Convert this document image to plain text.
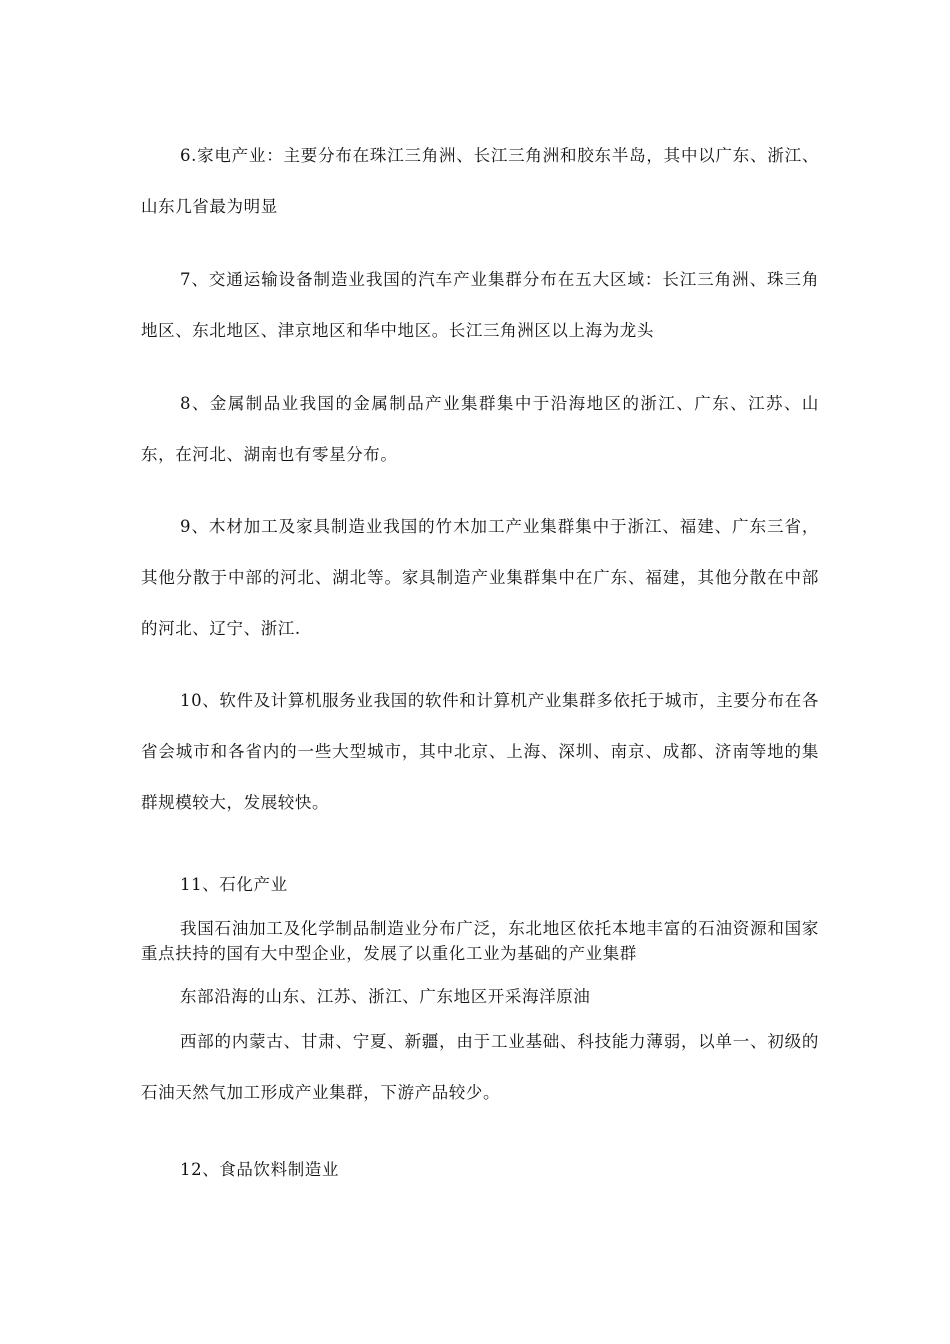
6.家电产业：主要分布在珠江三角洲、长江三角洲和胶东半岛，其中以广东、浙江、山东几省最为明显

7、交通运输设备制造业我国的汽车产业集群分布在五大区域：长江三角洲、珠三角地区、东北地区、津京地区和华中地区。长江三角洲区以上海为龙头

8、金属制品业我国的金属制品产业集群集中于沿海地区的浙江、广东、江苏、山东，在河北、湖南也有零星分布。

9、木材加工及家具制造业我国的竹木加工产业集群集中于浙江、福建、广东三省，其他分散于中部的河北、湖北等。家具制造产业集群集中在广东、福建，其他分散在中部的河北、辽宁、浙江.

10、软件及计算机服务业我国的软件和计算机产业集群多依托于城市，主要分布在各省会城市和各省内的一些大型城市，其中北京、上海、深圳、南京、成都、济南等地的集群规模较大，发展较快。

11、石化产业

我国石油加工及化学制品制造业分布广泛，东北地区依托本地丰富的石油资源和国家重点扶持的国有大中型企业，发展了以重化工业为基础的产业集群

东部沿海的山东、江苏、浙江、广东地区开采海洋原油

西部的内蒙古、甘肃、宁夏、新疆，由于工业基础、科技能力薄弱，以单一、初级的石油天然气加工形成产业集群，下游产品较少。

12、食品饮料制造业
